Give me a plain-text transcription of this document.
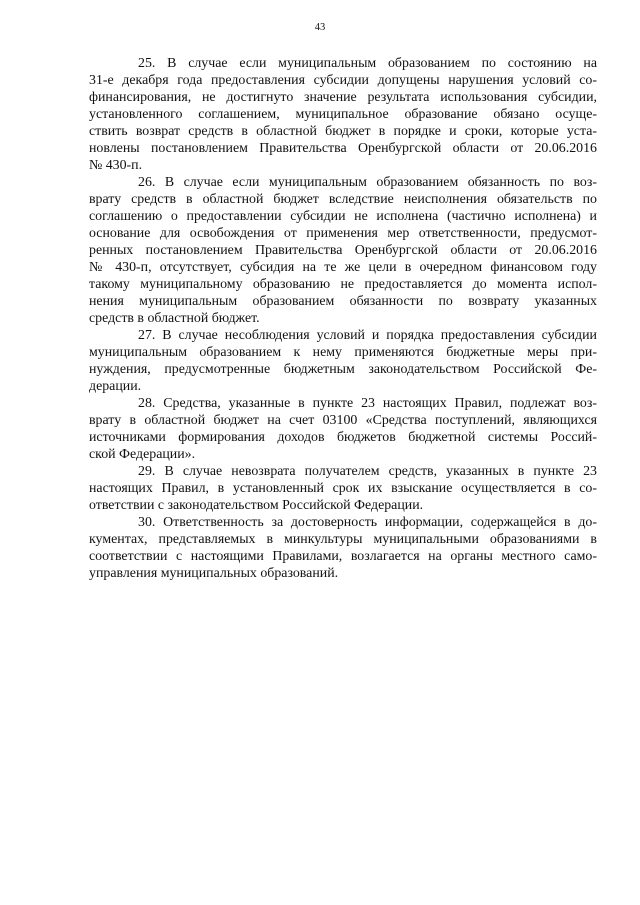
43

25. В случае если муниципальным образованием по состоянию на
31-е декабря года предоставления субсидии допущены нарушения условий со-
финансирования, не достигнуто значение результата использования субсидии,
установленного соглашением, муниципальное образование обязано осуще-
ствить возврат средств в областной бюджет в порядке и сроки, которые уста-
новлены постановлением Правительства Оренбургской области от 20.06.2016
№ 430-п.

26. В случае если муниципальным образованием обязанность по воз-
врату средств в областной бюджет вследствие неисполнения обязательств по
соглашению о предоставлении субсидии не исполнена (частично исполнена) и
основание для освобождения от применения мер ответственности, предусмот-
ренных постановлением Правительства Оренбургской области от 20.06.2016
№ 430-п, отсутствует, субсидия на те же цели в очередном финансовом году
такому муниципальному образованию не предоставляется до момента испол-
нения муниципальным образованием обязанности по возврату указанных
средств в областной бюджет.

27. В случае несоблюдения условий и порядка предоставления субсидии
муниципальным образованием к нему применяются бюджетные меры при-
нуждения, предусмотренные бюджетным законодательством Российской Фе-
дерации.

28. Средства, указанные в пункте 23 настоящих Правил, подлежат воз-
врату в областной бюджет на счет 03100 «Средства поступлений, являющихся
источниками формирования доходов бюджетов бюджетной системы Россий-
ской Федерации».

29. В случае невозврата получателем средств, указанных в пункте 23
настоящих Правил, в установленный срок их взыскание осуществляется в со-
ответствии с законодательством Российской Федерации.

30. Ответственность за достоверность информации, содержащейся в до-
кументах, представляемых в минкультуры муниципальными образованиями в
соответствии с настоящими Правилами, возлагается на органы местного само-
управления муниципальных образований.
